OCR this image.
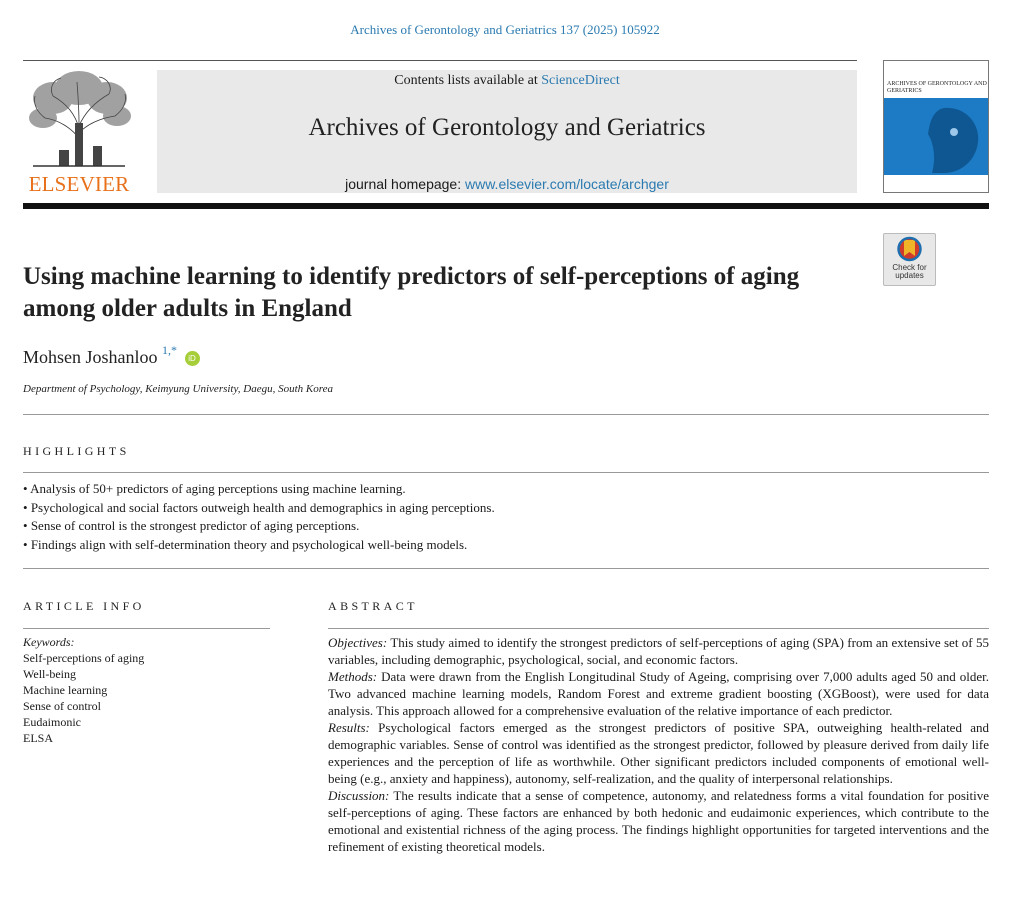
Archives of Gerontology and Geriatrics 137 (2025) 105922
ELSEVIER
Contents lists available at ScienceDirect
Archives of Gerontology and Geriatrics
journal homepage: www.elsevier.com/locate/archger
ARCHIVES OF GERONTOLOGY AND GERIATRICS
Check for updates
Using machine learning to identify predictors of self-perceptions of aging among older adults in England
Mohsen Joshanloo $^{1,*}$ iD
Department of Psychology, Keimyung University, Daegu, South Korea
HIGHLIGHTS
• Analysis of 50+ predictors of aging perceptions using machine learning.
• Psychological and social factors outweigh health and demographics in aging perceptions.
• Sense of control is the strongest predictor of aging perceptions.
• Findings align with self-determination theory and psychological well-being models.
ARTICLE INFO
Keywords:
Self-perceptions of aging
Well-being
Machine learning
Sense of control
Eudaimonic
ELSA
ABSTRACT

Objectives: This study aimed to identify the strongest predictors of self-perceptions of aging (SPA) from an extensive set of 55 variables, including demographic, psychological, social, and economic factors.

Methods: Data were drawn from the English Longitudinal Study of Ageing, comprising over 7,000 adults aged 50 and older. Two advanced machine learning models, Random Forest and extreme gradient boosting (XGBoost), were used for data analysis. This approach allowed for a comprehensive evaluation of the relative importance of each predictor.

Results: Psychological factors emerged as the strongest predictors of positive SPA, outweighing health-related and demographic variables. Sense of control was identified as the strongest predictor, followed by pleasure derived from daily life experiences and the perception of life as worthwhile. Other significant predictors included components of emotional well-being (e.g., anxiety and happiness), autonomy, self-realization, and the quality of interpersonal relationships.

Discussion: The results indicate that a sense of competence, autonomy, and relatedness forms a vital foundation for positive self-perceptions of aging. These factors are enhanced by both hedonic and eudaimonic experiences, which contribute to the emotional and existential richness of the aging process. The findings highlight opportunities for targeted interventions and the refinement of existing theoretical models.
